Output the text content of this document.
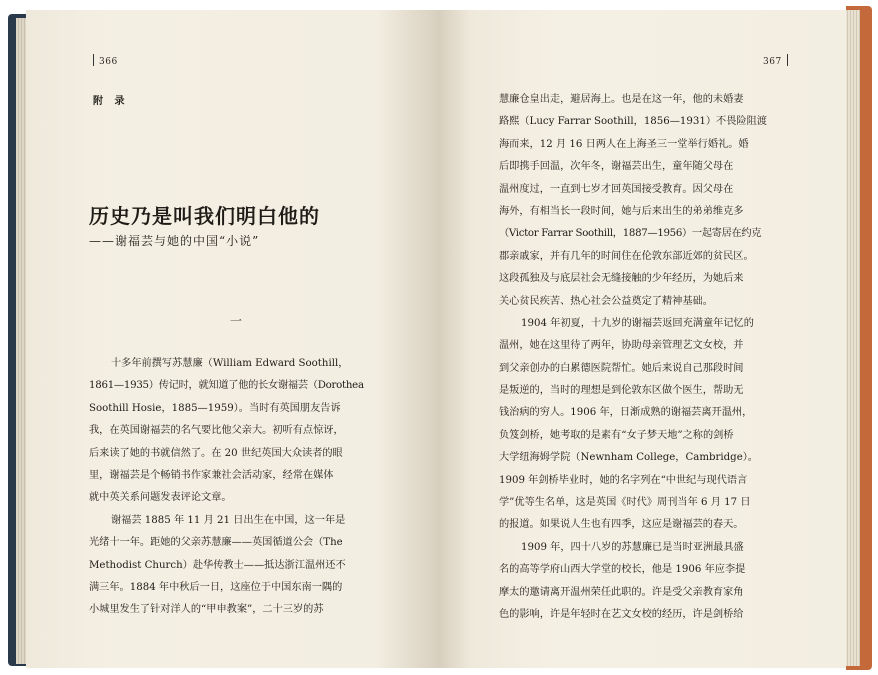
366	367
附 录
历史乃是叫我们明白他的
——谢福芸与她的中国“小说”
一
十多年前撰写苏慧廉（William Edward Soothill，
1861—1935）传记时，就知道了他的长女谢福芸（Dorothea
Soothill Hosie，1885—1959）。当时有英国朋友告诉
我，在英国谢福芸的名气要比他父亲大。初听有点惊讶，
后来读了她的书就信然了。在 20 世纪英国大众读者的眼
里，谢福芸是个畅销书作家兼社会活动家，经常在媒体
就中英关系问题发表评论文章。
谢福芸 1885 年 11 月 21 日出生在中国，这一年是
光绪十一年。距她的父亲苏慧廉——英国循道公会（The
Methodist Church）赴华传教士——抵达浙江温州还不
满三年。1884 年中秋后一日，这座位于中国东南一隅的
小城里发生了针对洋人的“甲申教案”，二十三岁的苏
慧廉仓皇出走，避居海上。也是在这一年，他的未婚妻
路熙（Lucy Farrar Soothill，1856—1931）不畏险阻渡
海而来，12 月 16 日两人在上海圣三一堂举行婚礼。婚
后即携手回温，次年冬，谢福芸出生，童年随父母在
温州度过，一直到七岁才回英国接受教育。因父母在
海外，有相当长一段时间，她与后来出生的弟弟维克多
（Victor Farrar Soothill，1887—1956）一起寄居在约克
郡亲戚家，并有几年的时间住在伦敦东部近郊的贫民区。
这段孤独及与底层社会无缝接触的少年经历，为她后来
关心贫民疾苦、热心社会公益奠定了精神基础。
1904 年初夏，十九岁的谢福芸返回充满童年记忆的
温州，她在这里待了两年，协助母亲管理艺文女校，并
到父亲创办的白累德医院帮忙。她后来说自己那段时间
是叛逆的，当时的理想是到伦敦东区做个医生，帮助无
钱治病的穷人。1906 年，日渐成熟的谢福芸离开温州，
负笈剑桥，她考取的是素有“女子梦天地”之称的剑桥
大学纽海姆学院（Newnham College，Cambridge）。
1909 年剑桥毕业时，她的名字列在“中世纪与现代语言
学”优等生名单，这是英国《时代》周刊当年 6 月 17 日
的报道。如果说人生也有四季，这应是谢福芸的春天。
1909 年，四十八岁的苏慧廉已是当时亚洲最具盛
名的高等学府山西大学堂的校长，他是 1906 年应李提
摩太的邀请离开温州荣任此职的。许是受父亲教育家角
色的影响，许是年轻时在艺文女校的经历，许是剑桥给
